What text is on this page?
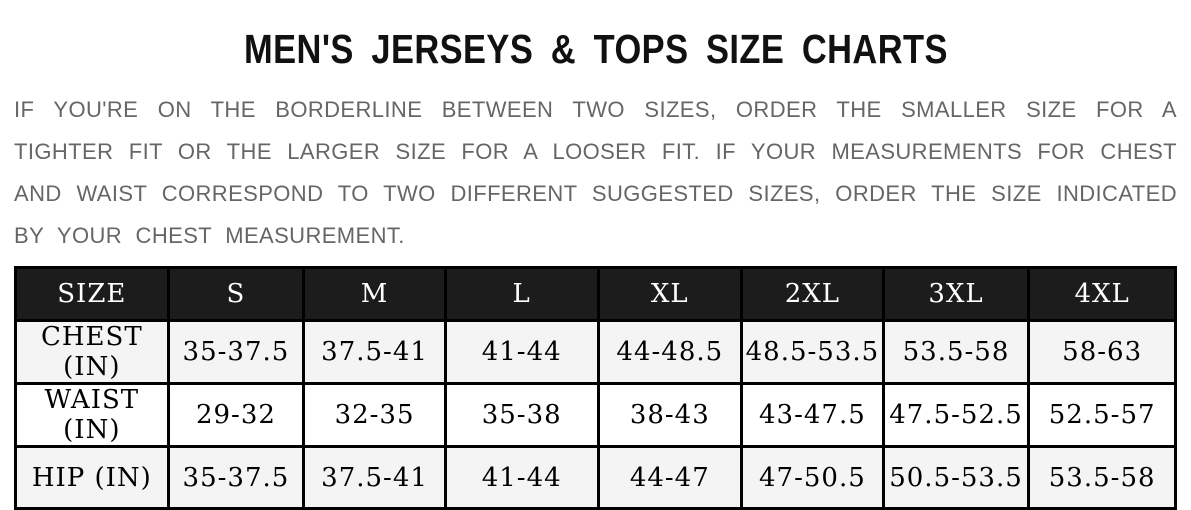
MEN'S JERSEYS & TOPS SIZE CHARTS
IF YOU'RE ON THE BORDERLINE BETWEEN TWO SIZES, ORDER THE SMALLER SIZE FOR A
TIGHTER FIT OR THE LARGER SIZE FOR A LOOSER FIT. IF YOUR MEASUREMENTS FOR CHEST
AND WAIST CORRESPOND TO TWO DIFFERENT SUGGESTED SIZES, ORDER THE SIZE INDICATED
BY YOUR CHEST MEASUREMENT.
SIZE	S	M	L	XL	2XL	3XL	4XL
CHEST (IN)	35-37.5	37.5-41	41-44	44-48.5	48.5-53.5	53.5-58	58-63
WAIST (IN)	29-32	32-35	35-38	38-43	43-47.5	47.5-52.5	52.5-57
HIP (IN)	35-37.5	37.5-41	41-44	44-47	47-50.5	50.5-53.5	53.5-58
